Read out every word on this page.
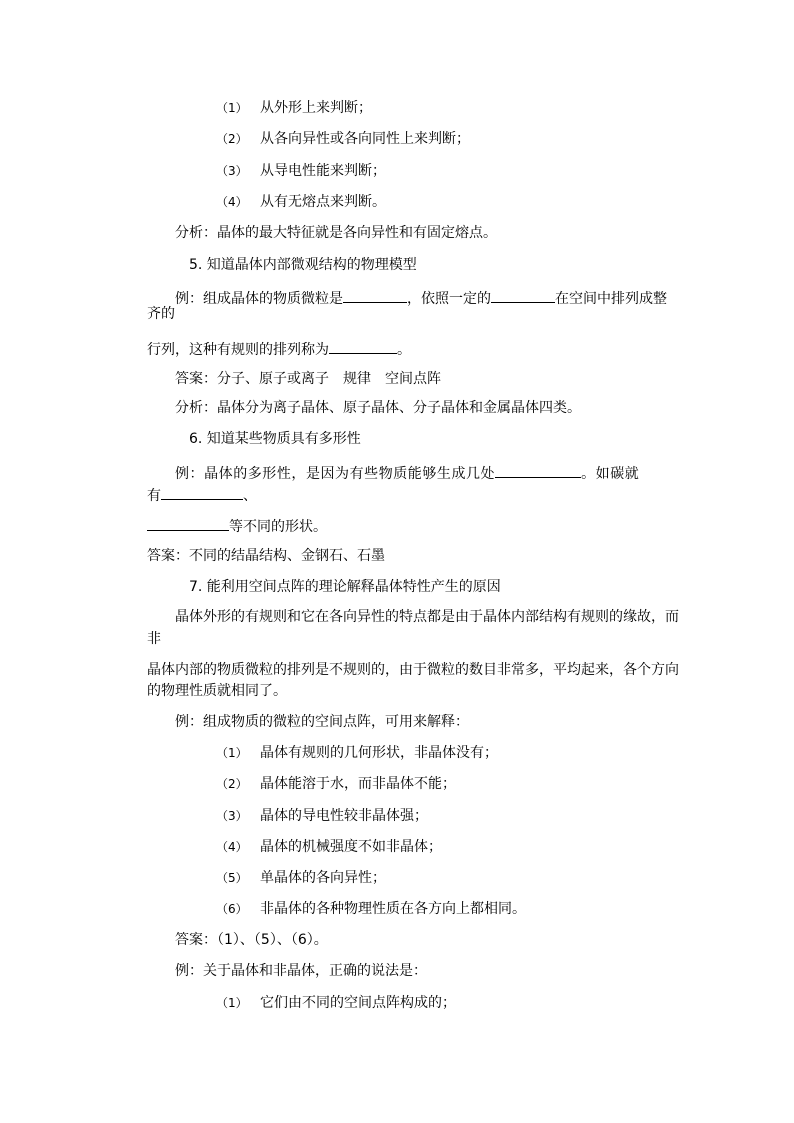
（1） 从外形上来判断；
（2） 从各向异性或各向同性上来判断；
（3） 从导电性能来判断；
（4） 从有无熔点来判断。
分析：晶体的最大特征就是各向异性和有固定熔点。
5. 知道晶体内部微观结构的物理模型
例：组成晶体的物质微粒是	，依照一定的	在空间中排列成整
齐的
行列，这种有规则的排列称为	。
答案：分子、原子或离子　规律　空间点阵
分析：晶体分为离子晶体、原子晶体、分子晶体和金属晶体四类。
6. 知道某些物质具有多形性
例：晶体的多形性，是因为有些物质能够生成几处	。如碳就
有	、
等不同的形状。
答案：不同的结晶结构、金钢石、石墨
7. 能利用空间点阵的理论解释晶体特性产生的原因
晶体外形的有规则和它在各向异性的特点都是由于晶体内部结构有规则的缘故，而
非
晶体内部的物质微粒的排列是不规则的，由于微粒的数目非常多，平均起来，各个方向
的物理性质就相同了。
例：组成物质的微粒的空间点阵，可用来解释：
（1） 晶体有规则的几何形状，非晶体没有；
（2） 晶体能溶于水，而非晶体不能；
（3） 晶体的导电性较非晶体强；
（4） 晶体的机械强度不如非晶体；
（5） 单晶体的各向异性；
（6） 非晶体的各种物理性质在各方向上都相同。
答案：（1）、（5）、（6）。
例：关于晶体和非晶体，正确的说法是：
（1） 它们由不同的空间点阵构成的；
